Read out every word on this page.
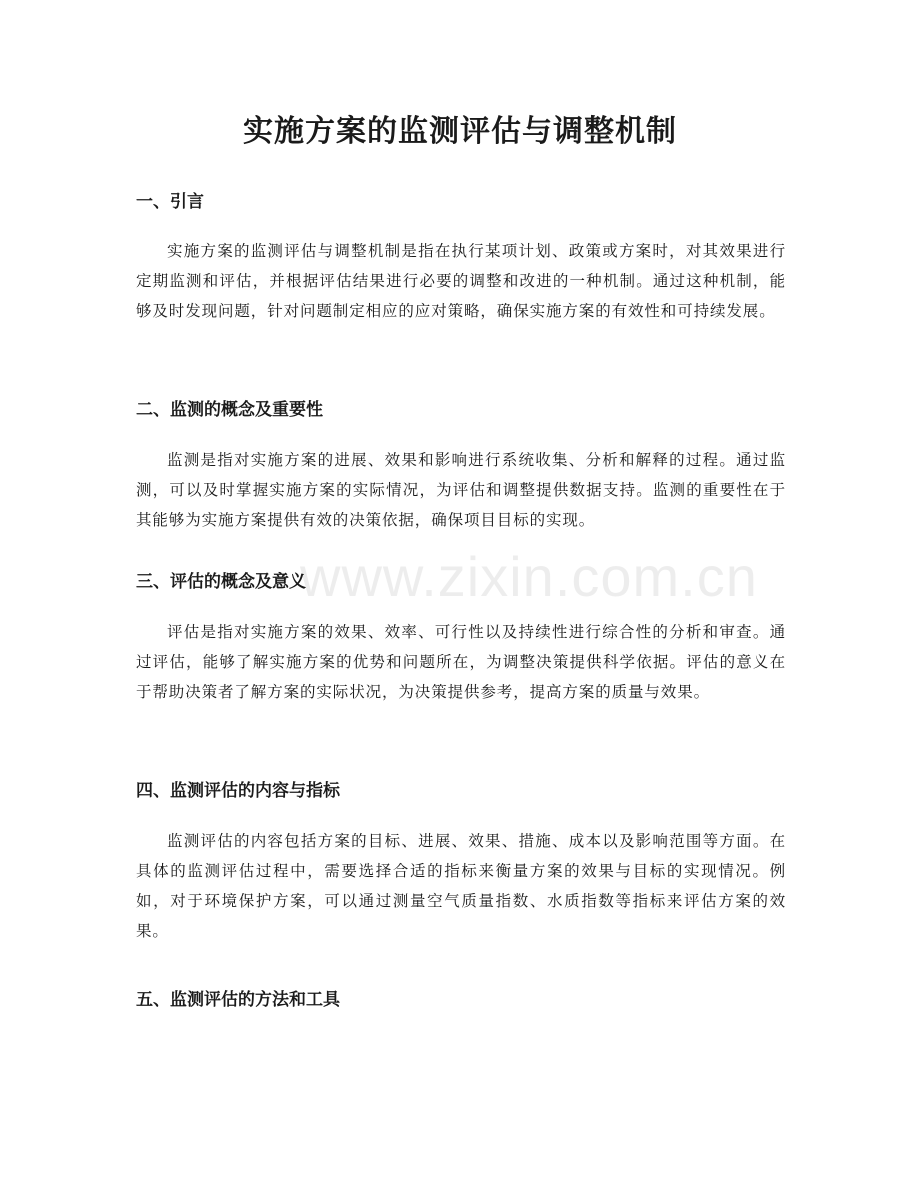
实施方案的监测评估与调整机制
一、引言

实施方案的监测评估与调整机制是指在执行某项计划、政策或方案时，对其效果进行定期监测和评估，并根据评估结果进行必要的调整和改进的一种机制。通过这种机制，能够及时发现问题，针对问题制定相应的应对策略，确保实施方案的有效性和可持续发展。

二、监测的概念及重要性

监测是指对实施方案的进展、效果和影响进行系统收集、分析和解释的过程。通过监测，可以及时掌握实施方案的实际情况，为评估和调整提供数据支持。监测的重要性在于其能够为实施方案提供有效的决策依据，确保项目目标的实现。

三、评估的概念及意义

评估是指对实施方案的效果、效率、可行性以及持续性进行综合性的分析和审查。通过评估，能够了解实施方案的优势和问题所在，为调整决策提供科学依据。评估的意义在于帮助决策者了解方案的实际状况，为决策提供参考，提高方案的质量与效果。

四、监测评估的内容与指标

监测评估的内容包括方案的目标、进展、效果、措施、成本以及影响范围等方面。在具体的监测评估过程中，需要选择合适的指标来衡量方案的效果与目标的实现情况。例如，对于环境保护方案，可以通过测量空气质量指数、水质指数等指标来评估方案的效果。

五、监测评估的方法和工具
www.zixin.com.cn
